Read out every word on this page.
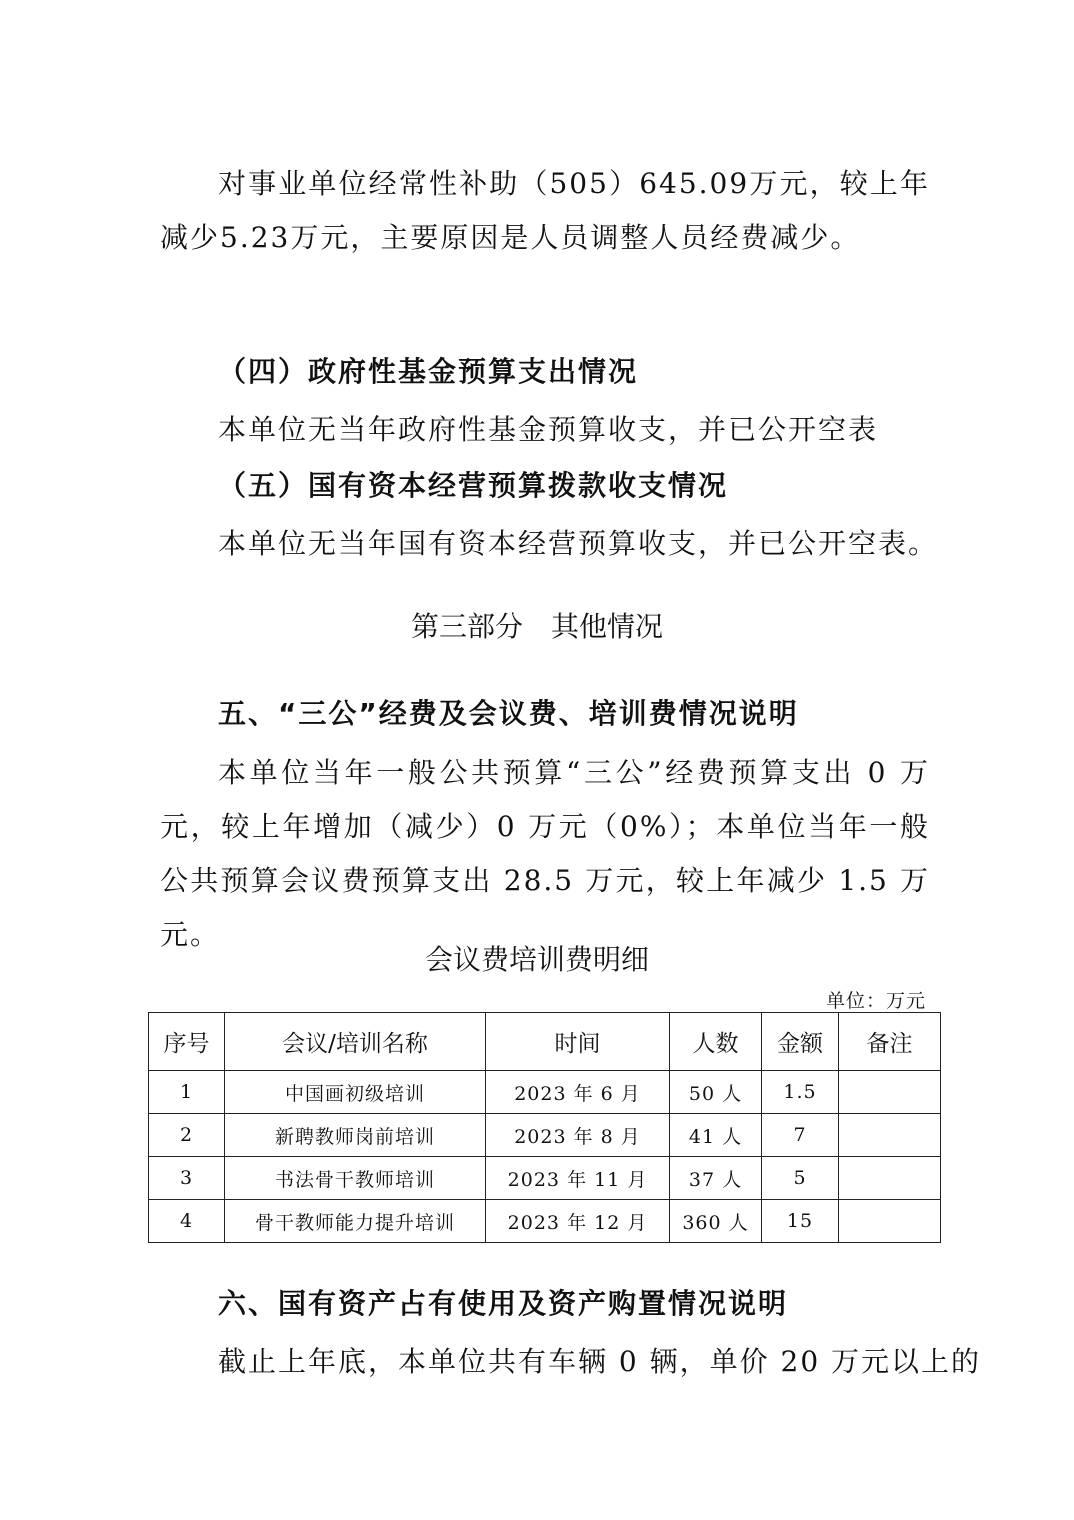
对事业单位经常性补助（505）645.09万元，较上年减少5.23万元，主要原因是人员调整人员经费减少。

（四）政府性基金预算支出情况

本单位无当年政府性基金预算收支，并已公开空表

（五）国有资本经营预算拨款收支情况

本单位无当年国有资本经营预算收支，并已公开空表。

第三部分　其他情况

五、“三公”经费及会议费、培训费情况说明

本单位当年一般公共预算“三公”经费预算支出 0 万元，较上年增加（减少）0 万元（0%）；本单位当年一般公共预算会议费预算支出 28.5 万元，较上年减少 1.5 万元。

会议费培训费明细

单位：万元
序号	会议/培训名称	时间	人数	金额	备注
1	中国画初级培训	2023 年 6 月	50 人	1.5	
2	新聘教师岗前培训	2023 年 8 月	41 人	7	
3	书法骨干教师培训	2023 年 11 月	37 人	5	
4	骨干教师能力提升培训	2023 年 12 月	360 人	15	

六、国有资产占有使用及资产购置情况说明

截止上年底，本单位共有车辆 0 辆，单价 20 万元以上的
